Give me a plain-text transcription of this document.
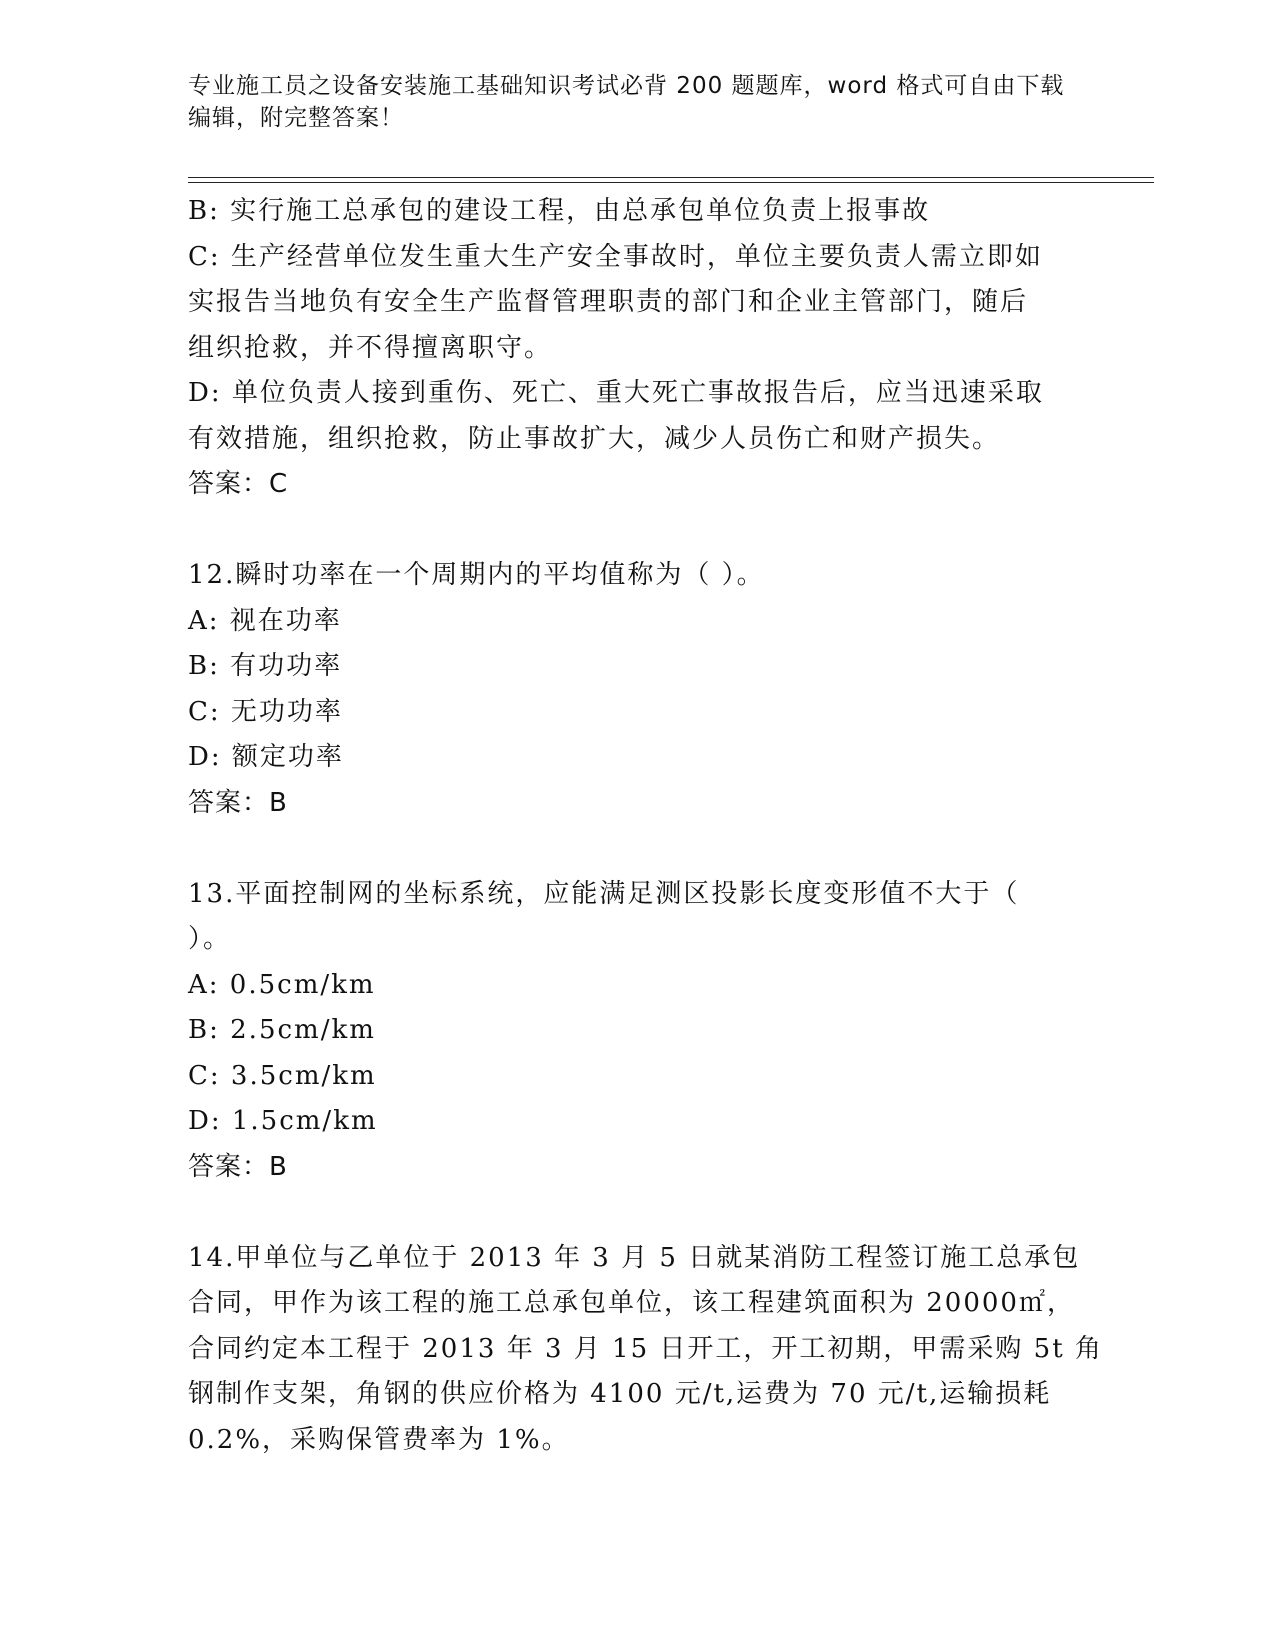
专业施工员之设备安装施工基础知识考试必背 200 题题库，word 格式可自由下载
编辑，附完整答案！
B: 实行施工总承包的建设工程，由总承包单位负责上报事故
C: 生产经营单位发生重大生产安全事故时，单位主要负责人需立即如
实报告当地负有安全生产监督管理职责的部门和企业主管部门，随后
组织抢救，并不得擅离职守。
D: 单位负责人接到重伤、死亡、重大死亡事故报告后，应当迅速采取
有效措施，组织抢救，防止事故扩大，减少人员伤亡和财产损失。
答案：C
12.瞬时功率在一个周期内的平均值称为（ ）。
A: 视在功率
B: 有功功率
C: 无功功率
D: 额定功率
答案：B
13.平面控制网的坐标系统，应能满足测区投影长度变形值不大于（
）。
A: 0.5cm/km
B: 2.5cm/km
C: 3.5cm/km
D: 1.5cm/km
答案：B
14.甲单位与乙单位于 2013 年 3 月 5 日就某消防工程签订施工总承包
合同，甲作为该工程的施工总承包单位，该工程建筑面积为 20000㎡，
合同约定本工程于 2013 年 3 月 15 日开工，开工初期，甲需采购 5t 角
钢制作支架，角钢的供应价格为 4100 元/t,运费为 70 元/t,运输损耗
0.2%，采购保管费率为 1%。
